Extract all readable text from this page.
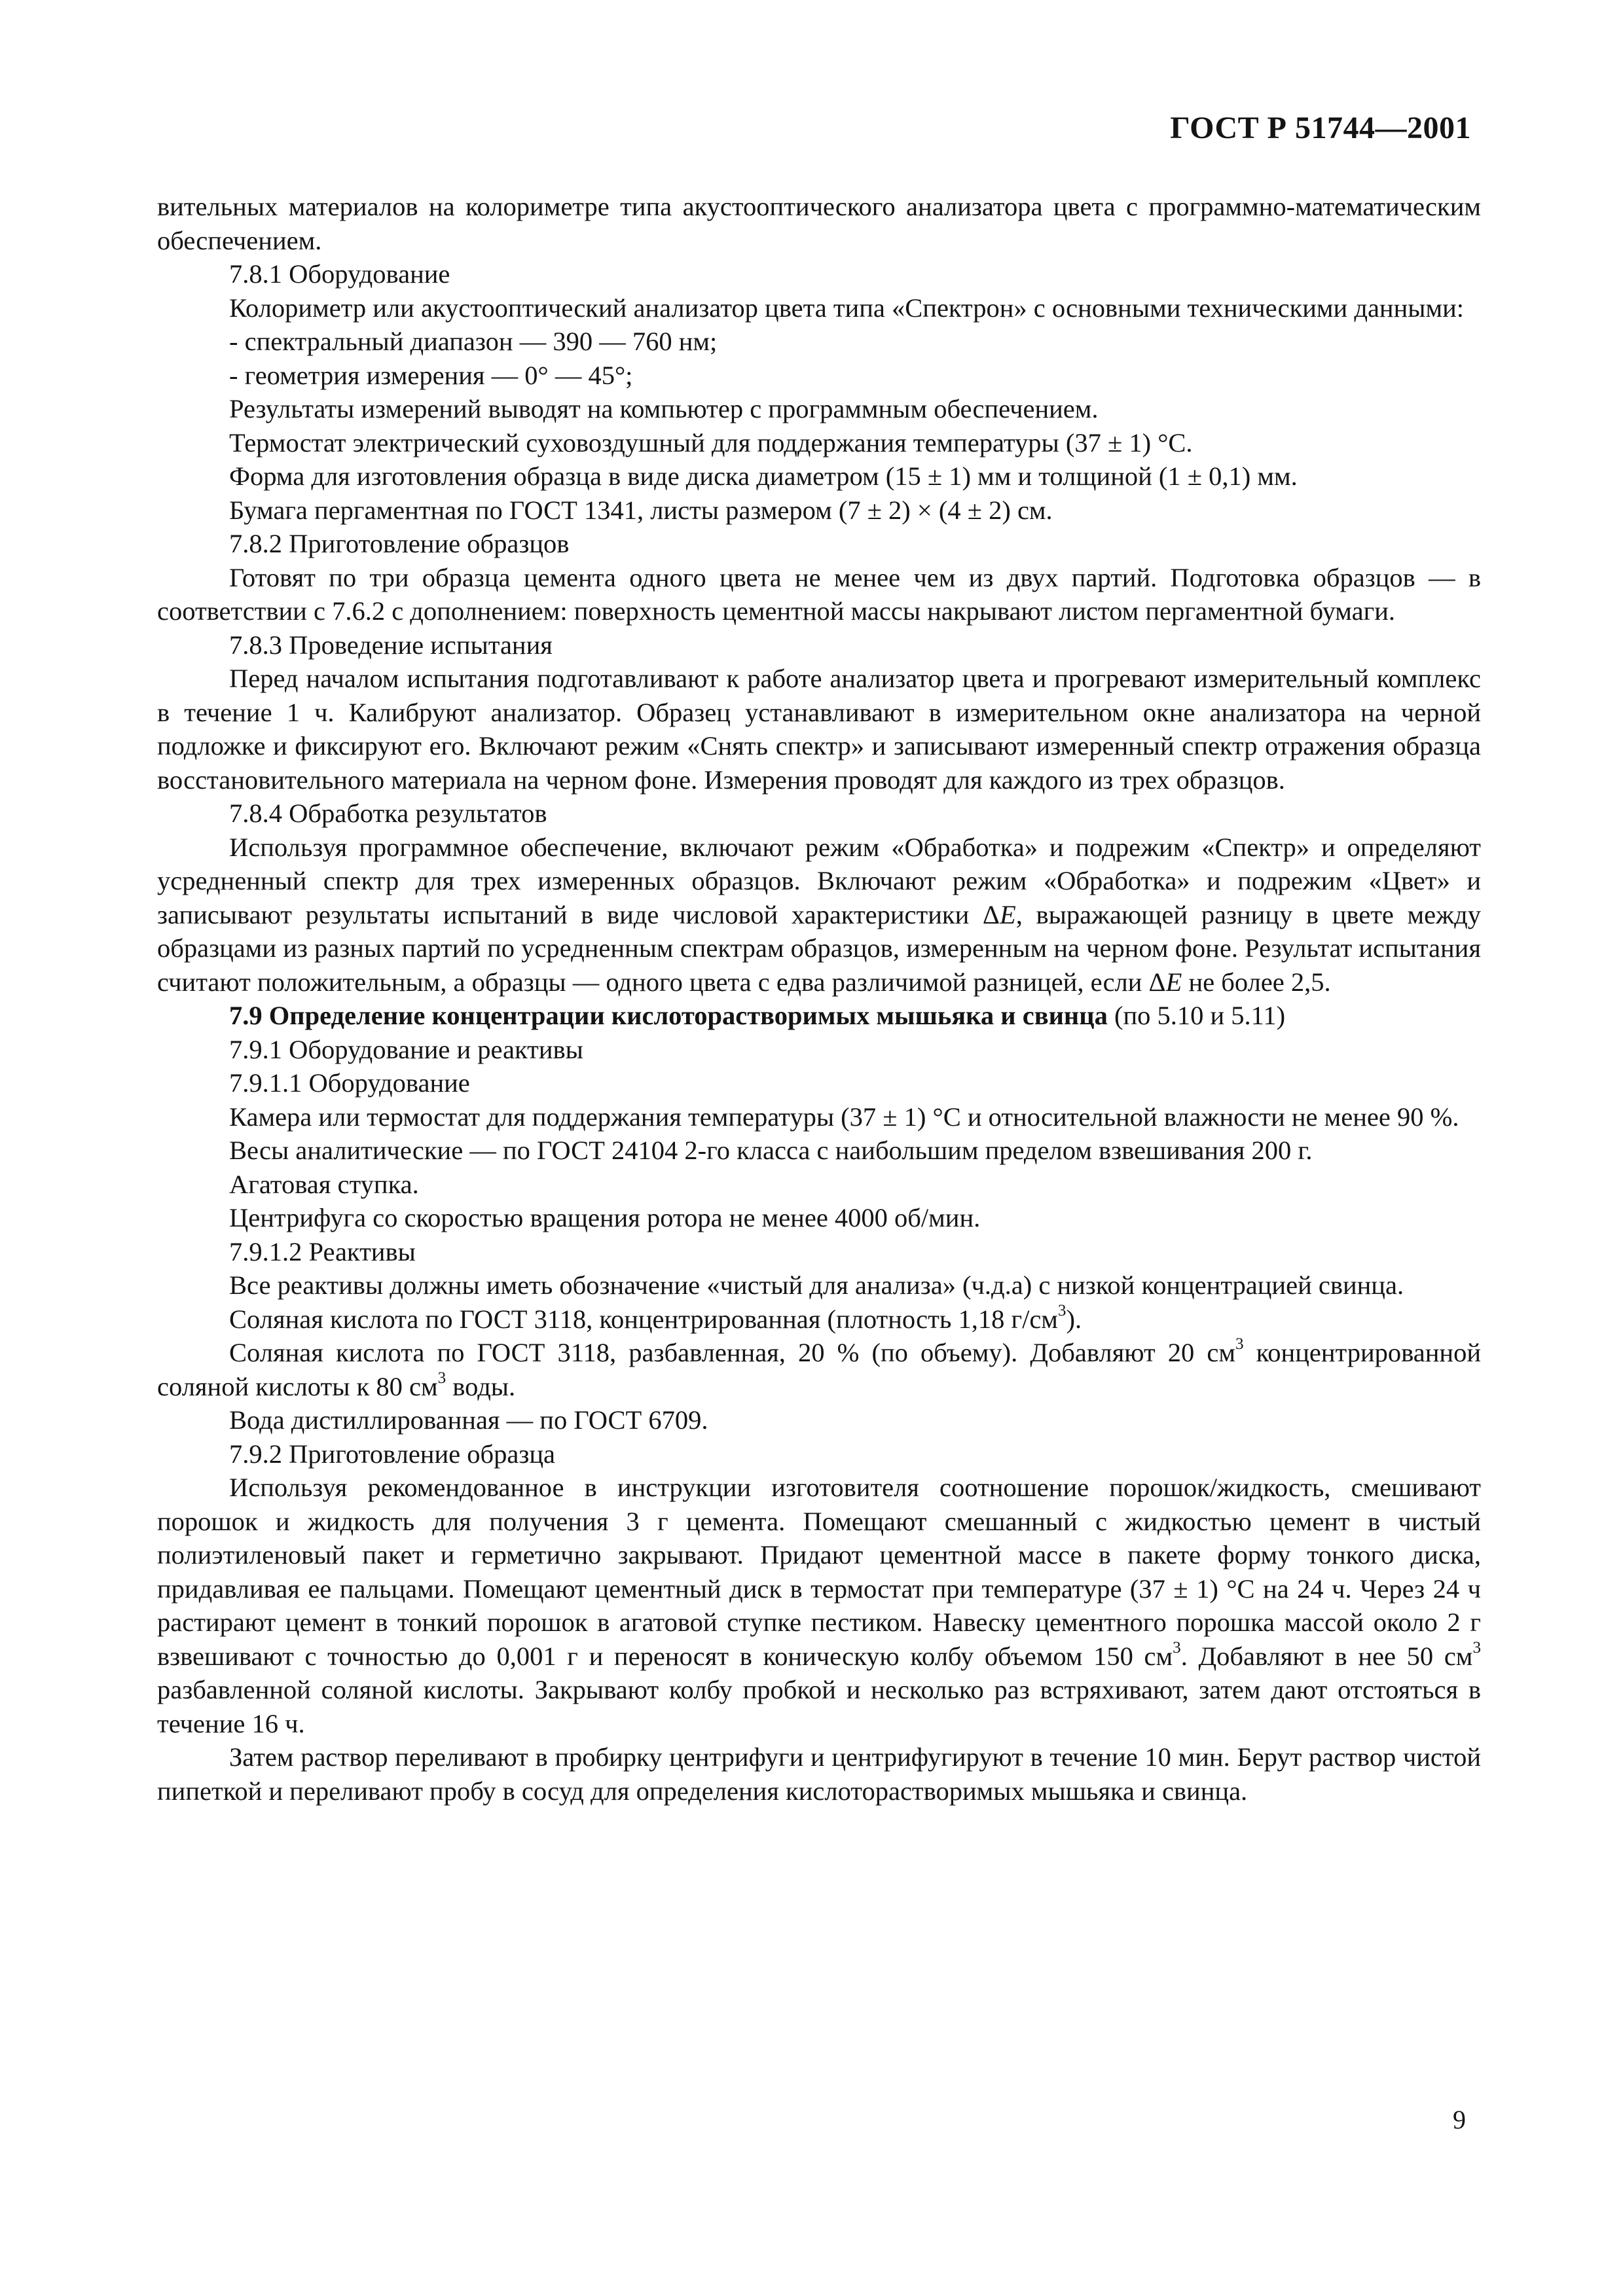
ГОСТ Р 51744—2001

вительных материалов на колориметре типа акустооптического анализатора цвета с программно-математическим обеспечением.

7.8.1 Оборудование

Колориметр или акустооптический анализатор цвета типа «Спектрон» с основными техническими данными:

- спектральный диапазон — 390 — 760 нм;

- геометрия измерения — 0° — 45°;

Результаты измерений выводят на компьютер с программным обеспечением.

Термостат электрический суховоздушный для поддержания температуры (37 ± 1) °С.

Форма для изготовления образца в виде диска диаметром (15 ± 1) мм и толщиной (1 ± 0,1) мм.

Бумага пергаментная по ГОСТ 1341, листы размером (7 ± 2) × (4 ± 2) см.

7.8.2 Приготовление образцов

Готовят по три образца цемента одного цвета не менее чем из двух партий. Подготовка образцов — в соответствии с 7.6.2 с дополнением: поверхность цементной массы накрывают листом пергаментной бумаги.

7.8.3 Проведение испытания

Перед началом испытания подготавливают к работе анализатор цвета и прогревают измерительный комплекс в течение 1 ч. Калибруют анализатор. Образец устанавливают в измерительном окне анализатора на черной подложке и фиксируют его. Включают режим «Снять спектр» и записывают измеренный спектр отражения образца восстановительного материала на черном фоне. Измерения проводят для каждого из трех образцов.

7.8.4 Обработка результатов

Используя программное обеспечение, включают режим «Обработка» и подрежим «Спектр» и определяют усредненный спектр для трех измеренных образцов. Включают режим «Обработка» и подрежим «Цвет» и записывают результаты испытаний в виде числовой характеристики ΔE, выражающей разницу в цвете между образцами из разных партий по усредненным спектрам образцов, измеренным на черном фоне. Результат испытания считают положительным, а образцы — одного цвета с едва различимой разницей, если ΔE не более 2,5.

7.9 Определение концентрации кислоторастворимых мышьяка и свинца (по 5.10 и 5.11)

7.9.1 Оборудование и реактивы

7.9.1.1 Оборудование

Камера или термостат для поддержания температуры (37 ± 1) °С и относительной влажности не менее 90 %.

Весы аналитические — по ГОСТ 24104 2-го класса с наибольшим пределом взвешивания 200 г.

Агатовая ступка.

Центрифуга со скоростью вращения ротора не менее 4000 об/мин.

7.9.1.2 Реактивы

Все реактивы должны иметь обозначение «чистый для анализа» (ч.д.а) с низкой концентрацией свинца.

Соляная кислота по ГОСТ 3118, концентрированная (плотность 1,18 $г/см^3$).

Соляная кислота по ГОСТ 3118, разбавленная, 20 % (по объему). Добавляют 20 $см^3$ концентрированной соляной кислоты к 80 $см^3$ воды.

Вода дистиллированная — по ГОСТ 6709.

7.9.2 Приготовление образца

Используя рекомендованное в инструкции изготовителя соотношение порошок/жидкость, смешивают порошок и жидкость для получения 3 г цемента. Помещают смешанный с жидкостью цемент в чистый полиэтиленовый пакет и герметично закрывают. Придают цементной массе в пакете форму тонкого диска, придавливая ее пальцами. Помещают цементный диск в термостат при температуре (37 ± 1) °С на 24 ч. Через 24 ч растирают цемент в тонкий порошок в агатовой ступке пестиком. Навеску цементного порошка массой около 2 г взвешивают с точностью до 0,001 г и переносят в коническую колбу объемом 150 $см^3$. Добавляют в нее 50 $см^3$ разбавленной соляной кислоты. Закрывают колбу пробкой и несколько раз встряхивают, затем дают отстояться в течение 16 ч.

Затем раствор переливают в пробирку центрифуги и центрифугируют в течение 10 мин. Берут раствор чистой пипеткой и переливают пробу в сосуд для определения кислоторастворимых мышьяка и свинца.

9
